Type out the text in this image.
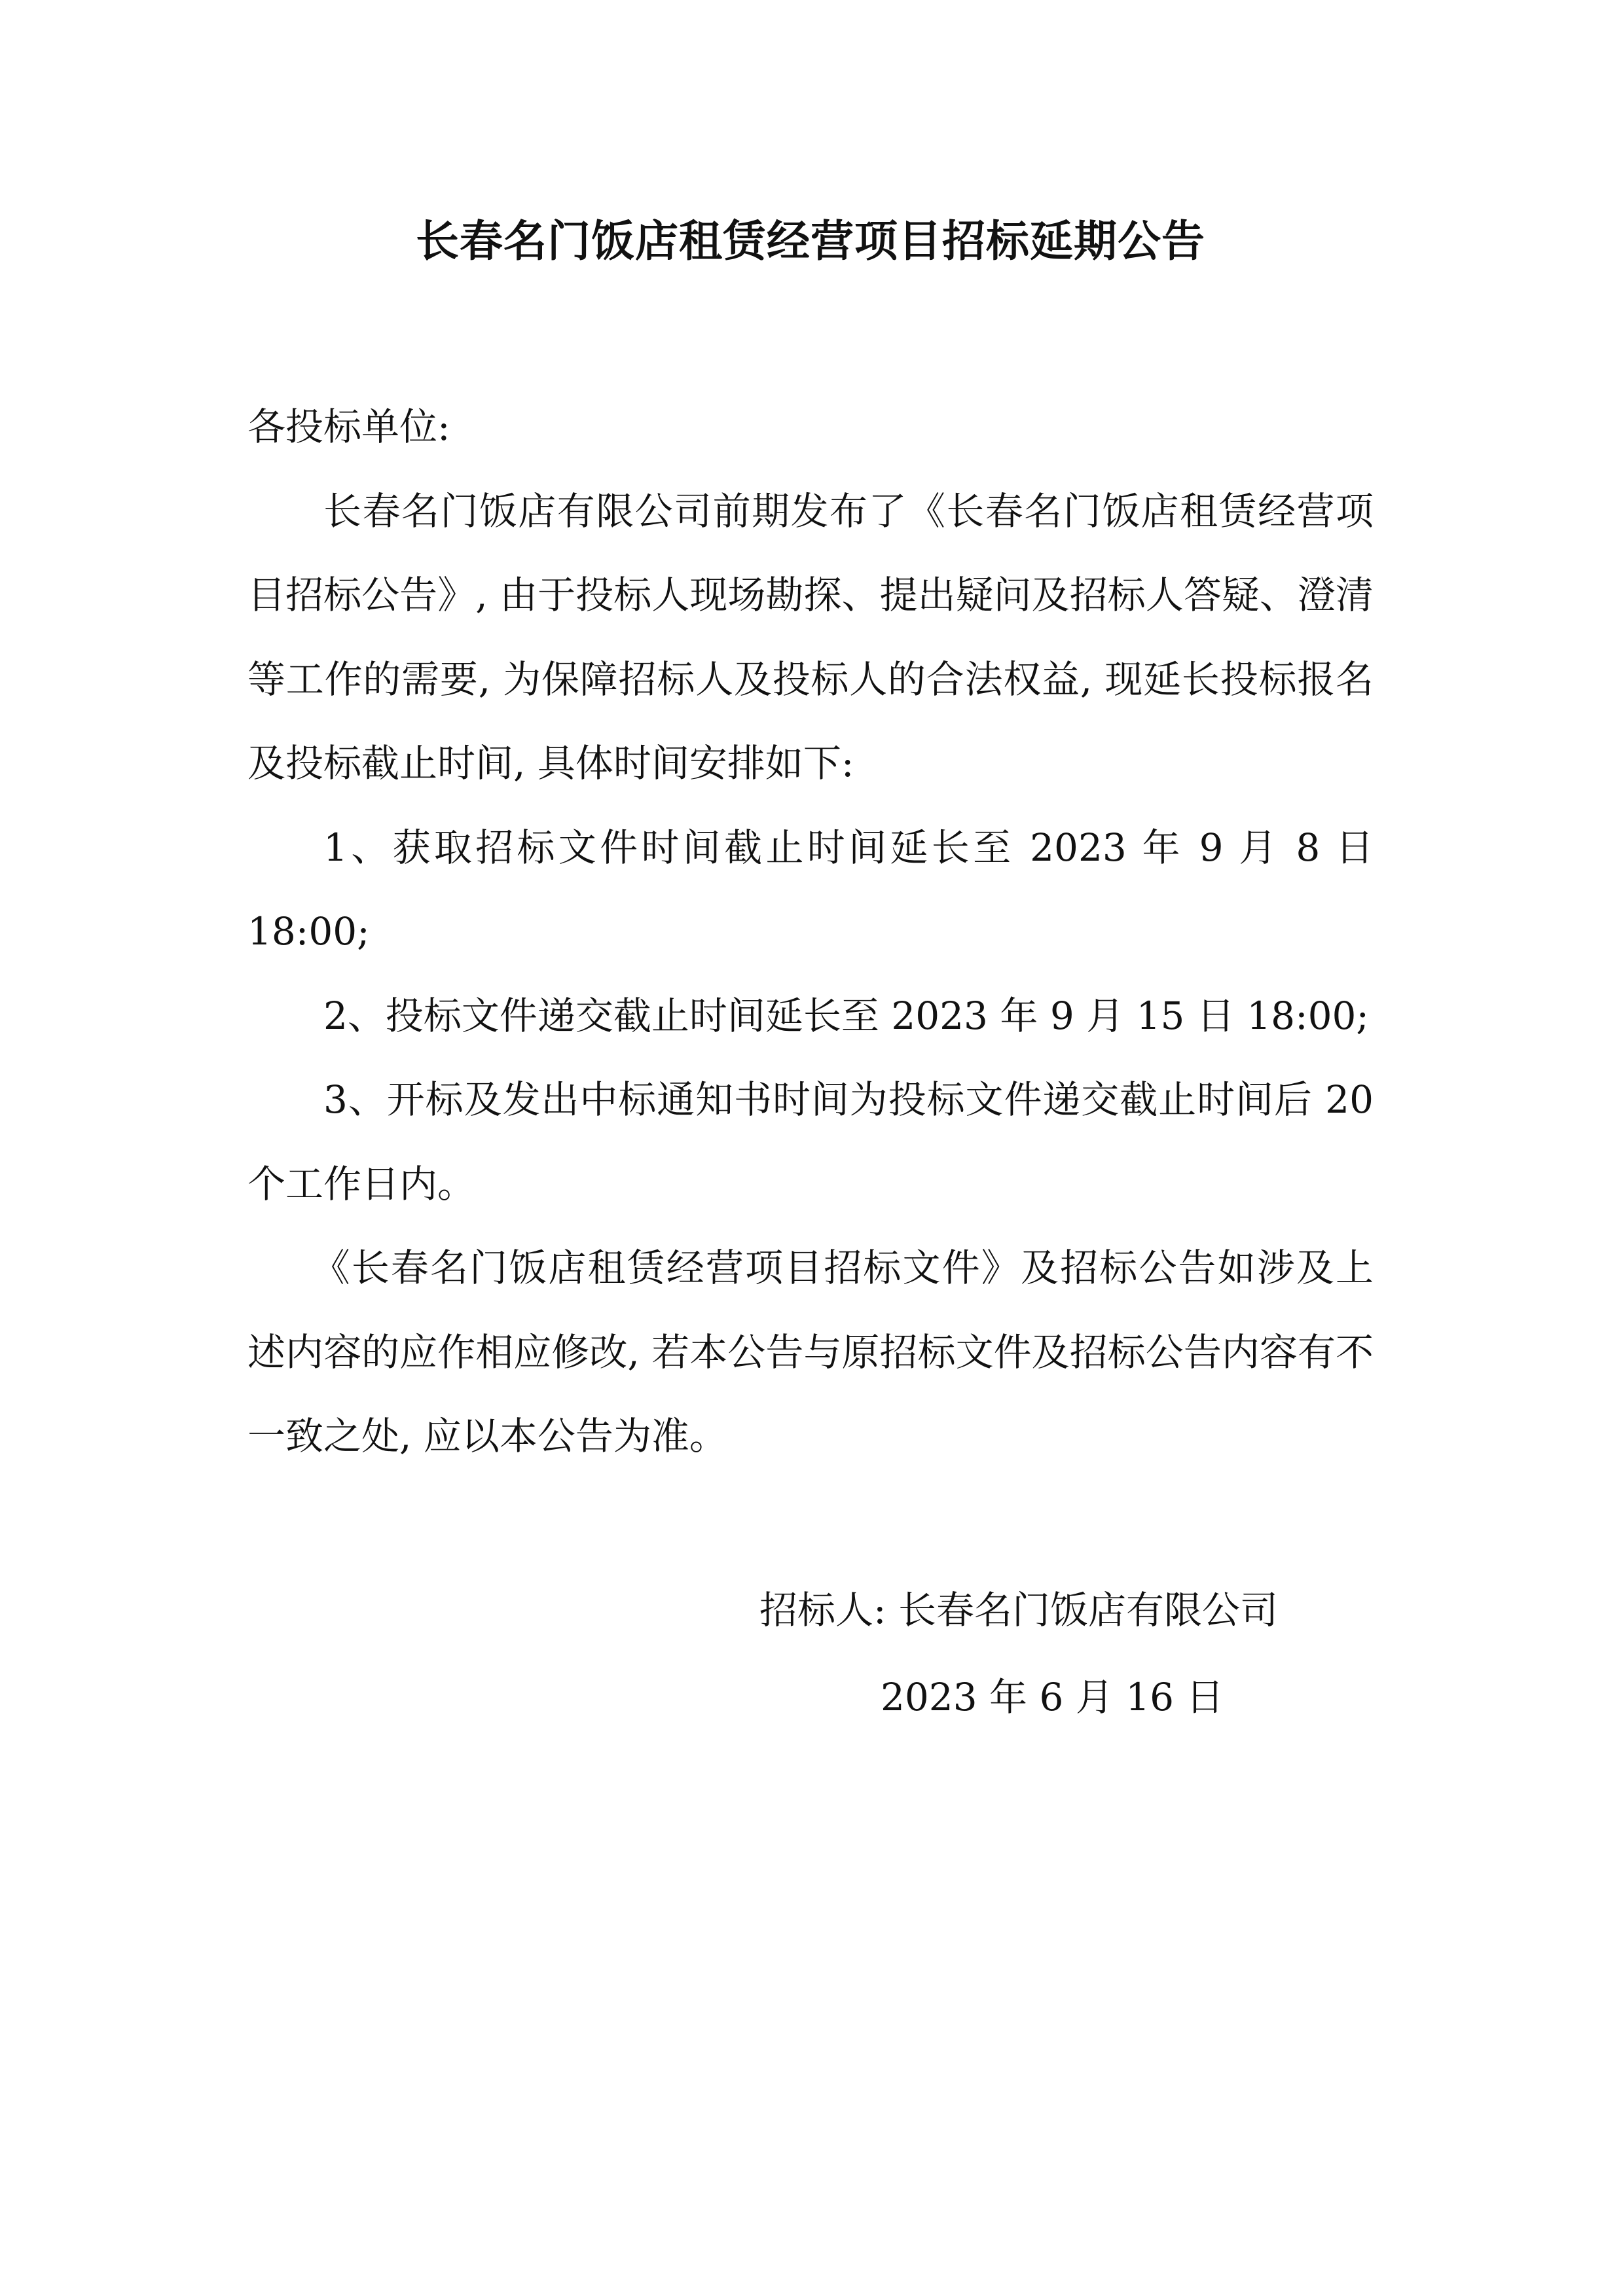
长春名门饭店租赁经营项目招标延期公告

各投标单位:

长春名门饭店有限公司前期发布了《长春名门饭店租赁经营项目招标公告》, 由于投标人现场勘探、提出疑问及招标人答疑、澄清等工作的需要, 为保障招标人及投标人的合法权益, 现延长投标报名及投标截止时间, 具体时间安排如下:

1、获取招标文件时间截止时间延长至 2023 年 9 月 8 日 18:00;

2、投标文件递交截止时间延长至 2023 年 9 月 15 日 18:00;

3、开标及发出中标通知书时间为投标文件递交截止时间后 20 个工作日内。

《长春名门饭店租赁经营项目招标文件》及招标公告如涉及上述内容的应作相应修改, 若本公告与原招标文件及招标公告内容有不一致之处, 应以本公告为准。

招标人: 长春名门饭店有限公司
2023 年 6 月 16 日
